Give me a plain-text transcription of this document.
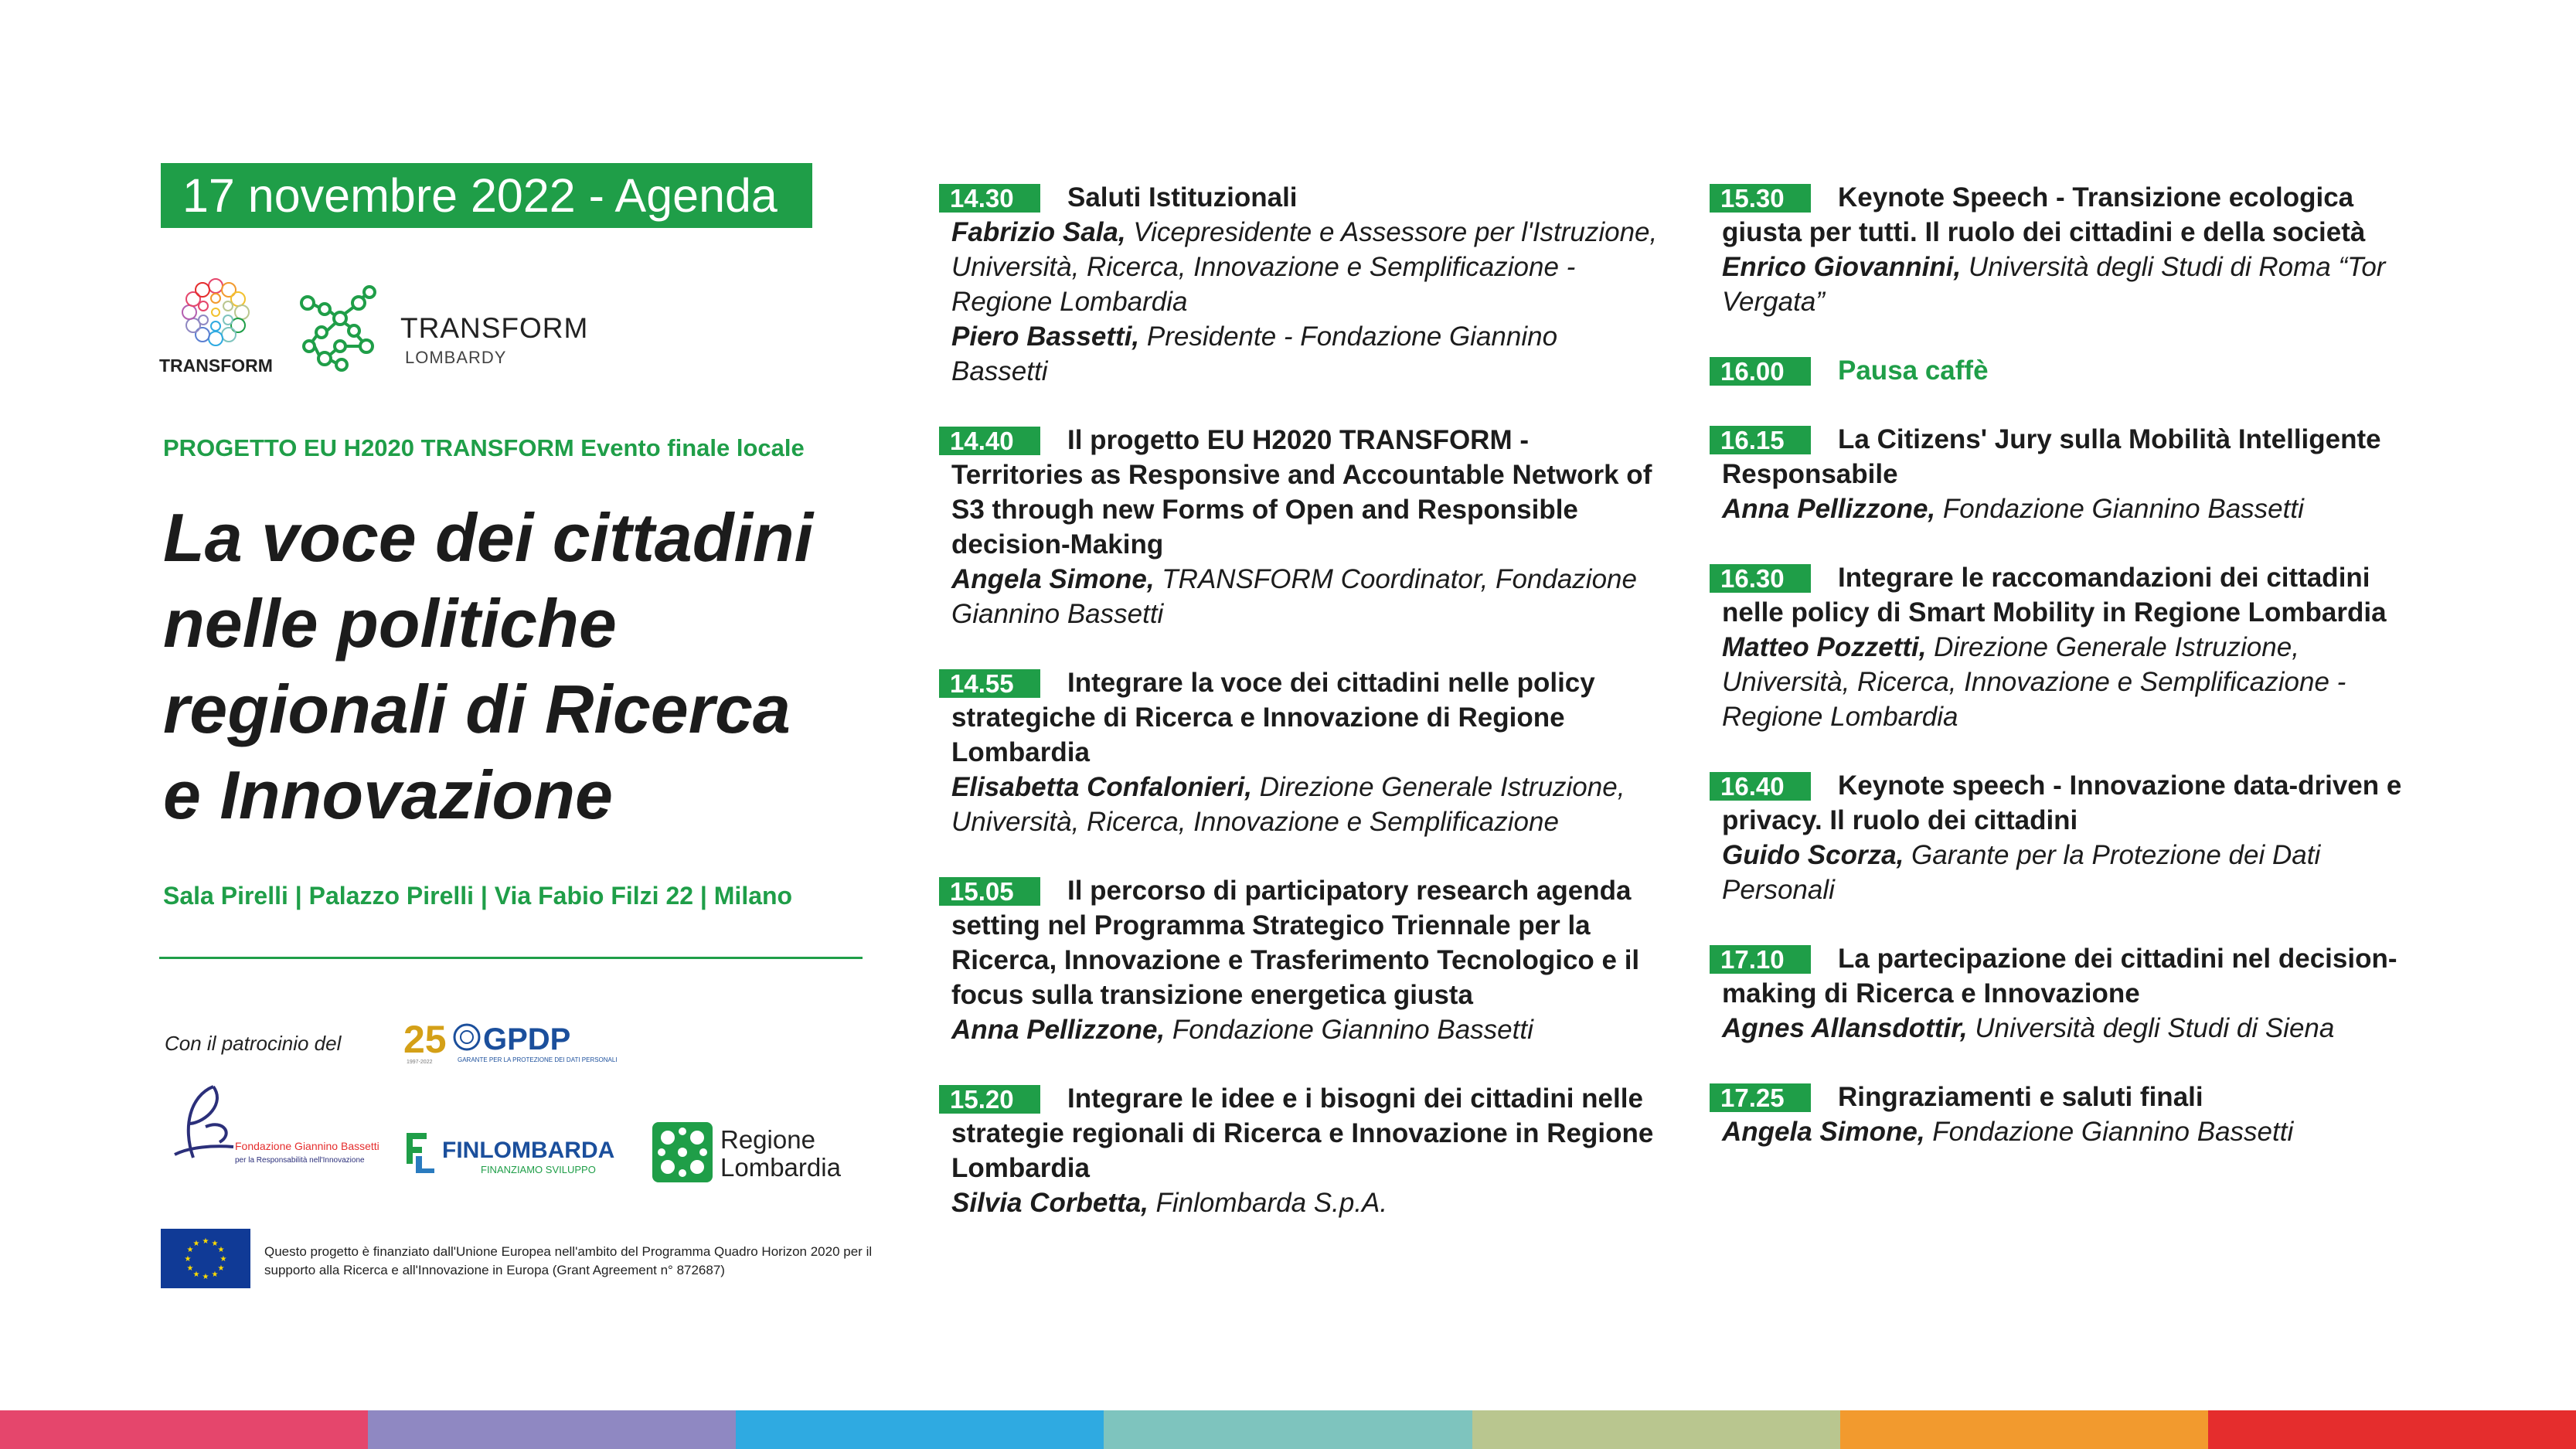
17 novembre 2022 - Agenda
TRANSFORM
TRANSFORM
LOMBARDY
PROGETTO EU H2020 TRANSFORM Evento finale locale
La voce dei cittadini
nelle politiche
regionali di Ricerca
e Innovazione
Sala Pirelli | Palazzo Pirelli | Via Fabio Filzi 22 | Milano
Con il patrocinio del 25
1997-2022
GPDP
GARANTE PER LA PROTEZIONE DEI DATI PERSONALI
Fondazione Giannino Bassetti
per la Responsabilità nell'Innovazione	FINLOMBARDA
FINANZIAMO SVILUPPO
Regione
Lombardia
★ ★
★
★
★
★
★
★
★
★
★
★
Questo progetto è finanziato dall'Unione Europea nell'ambito del Programma Quadro Horizon 2020 per il supporto alla Ricerca e all'Innovazione in Europa (Grant Agreement n° 872687)
14.30	Saluti Istituzionali
Fabrizio Sala, Vicepresidente e Assessore per l'Istruzione, Università, Ricerca, Innovazione e Semplificazione - Regione Lombardia
Piero Bassetti, Presidente - Fondazione Giannino Bassetti
14.40	Il progetto EU H2020 TRANSFORM - Territories as Responsive and Accountable Network of S3 through new Forms of Open and Responsible decision-Making
Angela Simone, TRANSFORM Coordinator, Fondazione Giannino Bassetti
14.55	Integrare la voce dei cittadini nelle policy strategiche di Ricerca e Innovazione di Regione Lombardia
Elisabetta Confalonieri, Direzione Generale Istruzione, Università, Ricerca, Innovazione e Semplificazione
15.05	Il percorso di participatory research agenda setting nel Programma Strategico Triennale per la Ricerca, Innovazione e Trasferimento Tecnologico e il focus sulla transizione energetica giusta
Anna Pellizzone, Fondazione Giannino Bassetti
15.20	Integrare le idee e i bisogni dei cittadini nelle strategie regionali di Ricerca e Innovazione in Regione Lombardia
Silvia Corbetta, Finlombarda S.p.A.
15.30	Keynote Speech - Transizione ecologica giusta per tutti. Il ruolo dei cittadini e della società
Enrico Giovannini, Università degli Studi di Roma “Tor Vergata”
16.00	Pausa caffè
16.15	La Citizens' Jury sulla Mobilità Intelligente Responsabile
Anna Pellizzone, Fondazione Giannino Bassetti
16.30	Integrare le raccomandazioni dei cittadini nelle policy di Smart Mobility in Regione Lombardia
Matteo Pozzetti, Direzione Generale Istruzione, Università, Ricerca, Innovazione e Semplificazione - Regione Lombardia
16.40	Keynote speech - Innovazione data-driven e privacy. Il ruolo dei cittadini
Guido Scorza, Garante per la Protezione dei Dati Personali
17.10	La partecipazione dei cittadini nel decision-making di Ricerca e Innovazione
Agnes Allansdottir, Università degli Studi di Siena
17.25	Ringraziamenti e saluti finali
Angela Simone, Fondazione Giannino Bassetti
